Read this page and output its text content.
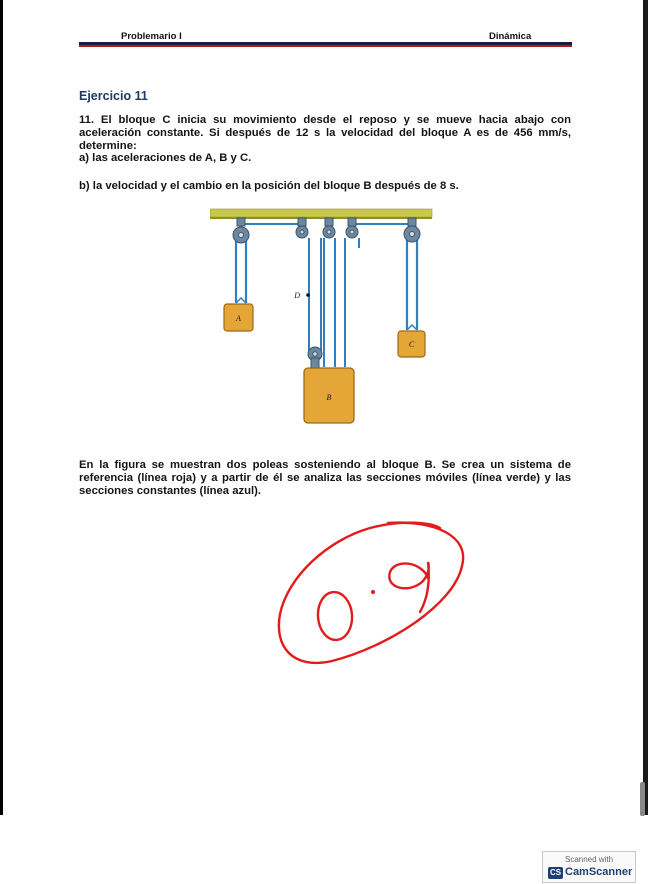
Problemario I	Dinámica
Ejercicio 11
11. El bloque C inicia su movimiento desde el reposo y se mueve hacia abajo con aceleración constante. Si después de 12 s la velocidad del bloque A es de 456 mm/s, determine:
a) las aceleraciones de A, B y C.
b) la velocidad y el cambio en la posición del bloque B después de 8 s.
A
C
B
D
En la figura se muestran dos poleas sosteniendo al bloque B. Se crea un sistema de referencia (línea roja) y a partir de él se analiza las secciones móviles (línea verde) y las secciones constantes (línea azul).
Scanned with
CS CamScanner
